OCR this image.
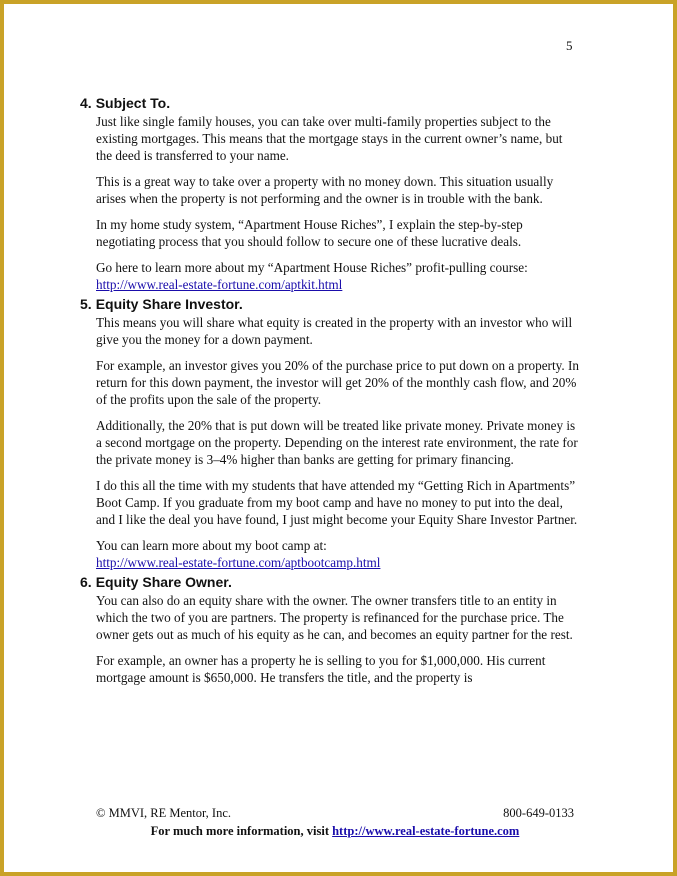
5
4. Subject To.

Just like single family houses, you can take over multi-family properties subject to the existing mortgages. This means that the mortgage stays in the current owner’s name, but the deed is transferred to your name.

This is a great way to take over a property with no money down. This situation usually arises when the property is not performing and the owner is in trouble with the bank.

In my home study system, “Apartment House Riches”, I explain the step-by-step negotiating process that you should follow to secure one of these lucrative deals.

Go here to learn more about my “Apartment House Riches” profit-pulling course:
http://www.real-estate-fortune.com/aptkit.html

5. Equity Share Investor.

This means you will share what equity is created in the property with an investor who will give you the money for a down payment.

For example, an investor gives you 20% of the purchase price to put down on a property. In return for this down payment, the investor will get 20% of the monthly cash flow, and 20% of the profits upon the sale of the property.

Additionally, the 20% that is put down will be treated like private money. Private money is a second mortgage on the property. Depending on the interest rate environment, the rate for the private money is 3–4% higher than banks are getting for primary financing.

I do this all the time with my students that have attended my “Getting Rich in Apartments” Boot Camp. If you graduate from my boot camp and have no money to put into the deal, and I like the deal you have found, I just might become your Equity Share Investor Partner.

You can learn more about my boot camp at:
http://www.real-estate-fortune.com/aptbootcamp.html

6. Equity Share Owner.

You can also do an equity share with the owner. The owner transfers title to an entity in which the two of you are partners. The property is refinanced for the purchase price. The owner gets out as much of his equity as he can, and becomes an equity partner for the rest.

For example, an owner has a property he is selling to you for $1,000,000. His current mortgage amount is $650,000. He transfers the title, and the property is

© MMVI, RE Mentor, Inc.	800-649-0133
For much more information, visit http://www.real-estate-fortune.com
